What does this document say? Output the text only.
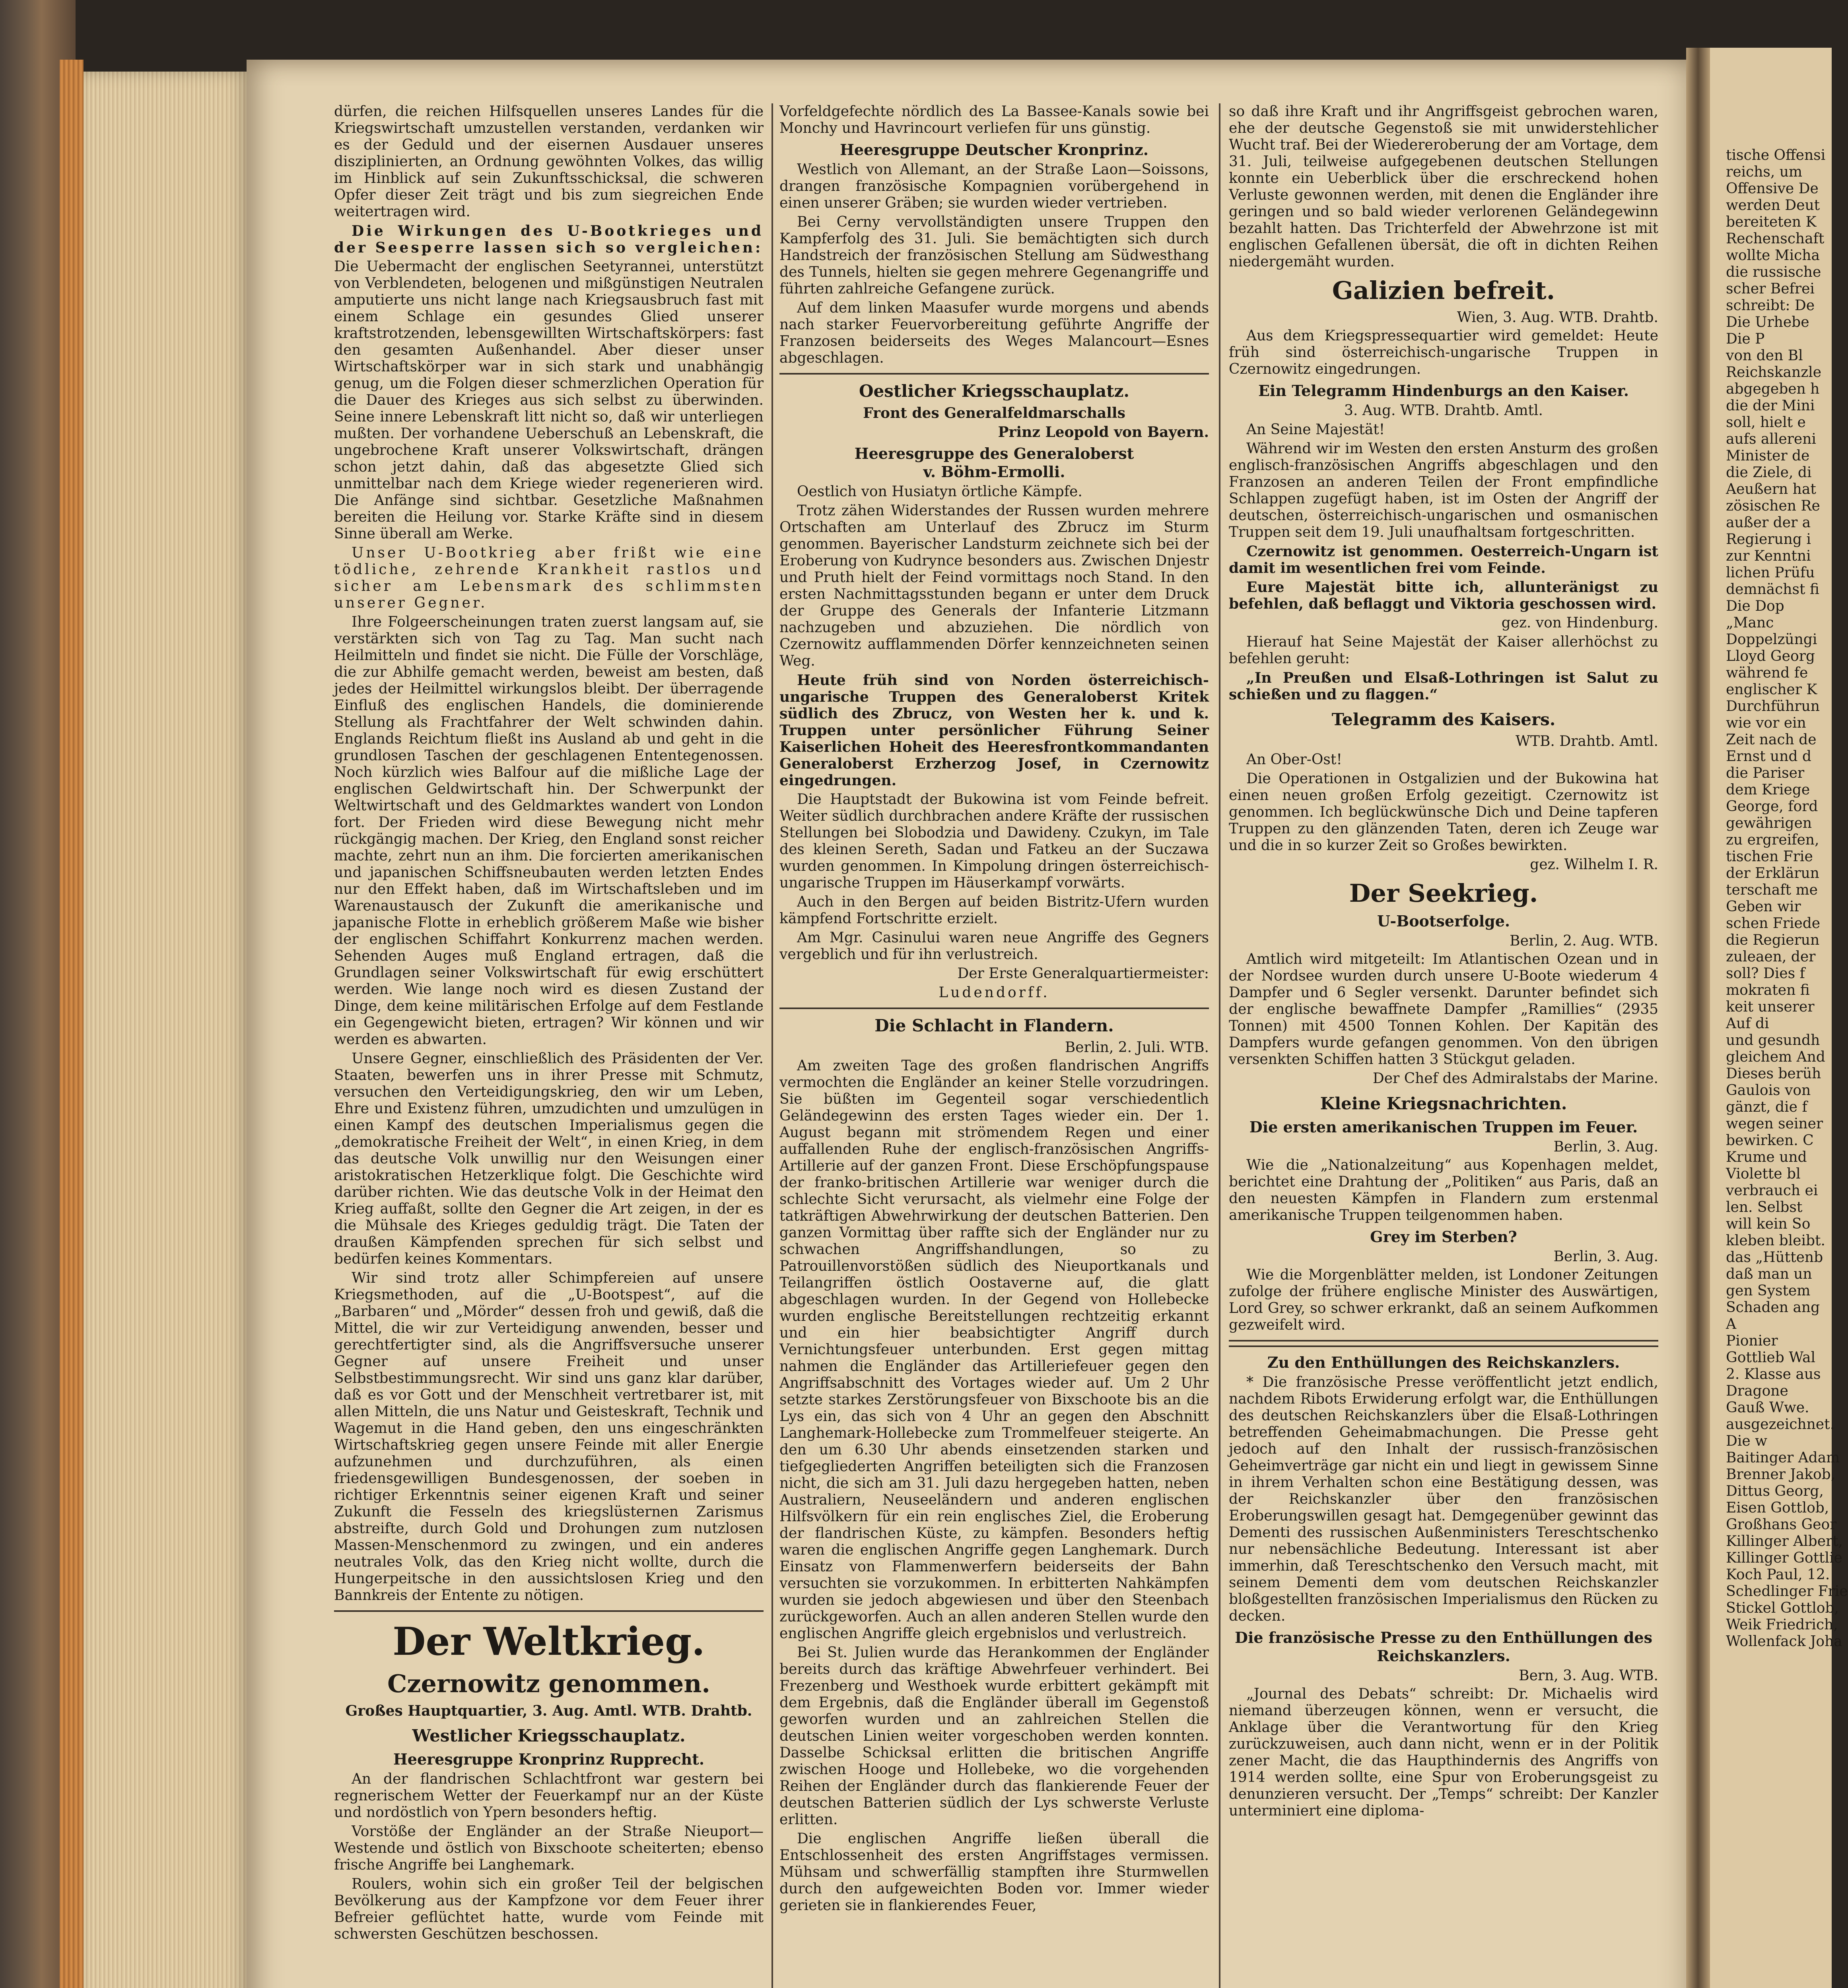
tische Offensi
reichs, um
Offensive De
werden Deut
bereiteten K
Rechenschaft
wollte Micha
die russische
scher Befrei
schreibt: De
Die Urhebe
Die P
von den Bl
Reichskanzle
abgegeben h
die der Mini
soll, hielt e
aufs allereni
Minister de
die Ziele, di
Aeußern hat
zösischen Re
außer der a
Regierung i
zur Kenntni
lichen Prüfu
demnächst fi
Die Dop
„Manc
Doppelzüngi
Lloyd Georg
während fe
englischer K
Durchführun
wie vor ein
Zeit nach de
Ernst und d
die Pariser
dem Kriege
George, ford
gewährigen
zu ergreifen,
tischen Frie
der Erklärun
terschaft me
Geben wir
schen Friede
die Regierun
zuleaen, der
soll? Dies f
mokraten fi
keit unserer
Auf di
und gesundh
gleichem And
Dieses berüh
Gaulois von
gänzt, die f
wegen seiner
bewirken. C
Krume und
Violette bl
verbrauch ei
len. Selbst
will kein So
kleben bleibt.
das „Hüttenb
daß man un
gen System
Schaden ang
A
Pionier
Gottlieb Wal
2. Klasse aus
Dragone
Gauß Wwe.
ausgezeichnet.
Die w
Baitinger Adam
Brenner Jakob,
Dittus Georg,
Eisen Gottlob,
Großhans Geor
Killinger Albert,
Killinger Gottlie
Koch Paul, 12.
Schedlinger Frie
Stickel Gottlob,
Weik Friedrich,
Wollenfack Joha

dürfen, die reichen Hilfsquellen unseres Landes für die Kriegswirtschaft umzustellen verstanden, verdanken wir es der Geduld und der eisernen Ausdauer unseres disziplinierten, an Ordnung gewöhnten Volkes, das willig im Hinblick auf sein Zukunftsschicksal, die schweren Opfer dieser Zeit trägt und bis zum siegreichen Ende weitertragen wird.

Die Wirkungen des U-Bootkrieges und der Seesperre lassen sich so vergleichen:

Die Uebermacht der englischen Seetyrannei, unterstützt von Verblendeten, belogenen und mißgünstigen Neutralen amputierte uns nicht lange nach Kriegsausbruch fast mit einem Schlage ein gesundes Glied unserer kraftstrotzenden, lebensgewillten Wirtschaftskörpers: fast den gesamten Außenhandel. Aber dieser unser Wirtschaftskörper war in sich stark und unabhängig genug, um die Folgen dieser schmerzlichen Operation für die Dauer des Krieges aus sich selbst zu überwinden. Seine innere Lebenskraft litt nicht so, daß wir unterliegen mußten. Der vorhandene Ueberschuß an Lebenskraft, die ungebrochene Kraft unserer Volkswirtschaft, drängen schon jetzt dahin, daß das abgesetzte Glied sich unmittelbar nach dem Kriege wieder regenerieren wird. Die Anfänge sind sichtbar. Gesetzliche Maßnahmen bereiten die Heilung vor. Starke Kräfte sind in diesem Sinne überall am Werke.

Unser U-Bootkrieg aber frißt wie eine tödliche, zehrende Krankheit rastlos und sicher am Lebensmark des schlimmsten unserer Gegner.

Ihre Folgeerscheinungen traten zuerst langsam auf, sie verstärkten sich von Tag zu Tag. Man sucht nach Heilmitteln und findet sie nicht. Die Fülle der Vorschläge, die zur Abhilfe gemacht werden, beweist am besten, daß jedes der Heilmittel wirkungslos bleibt. Der überragende Einfluß des englischen Handels, die dominierende Stellung als Frachtfahrer der Welt schwinden dahin. Englands Reichtum fließt ins Ausland ab und geht in die grundlosen Taschen der geschlagenen Ententegenossen. Noch kürzlich wies Balfour auf die mißliche Lage der englischen Geldwirtschaft hin. Der Schwerpunkt der Weltwirtschaft und des Geldmarktes wandert von London fort. Der Frieden wird diese Bewegung nicht mehr rückgängig machen. Der Krieg, den England sonst reicher machte, zehrt nun an ihm. Die forcierten amerikanischen und japanischen Schiffsneubauten werden letzten Endes nur den Effekt haben, daß im Wirtschaftsleben und im Warenaustausch der Zukunft die amerikanische und japanische Flotte in erheblich größerem Maße wie bisher der englischen Schiffahrt Konkurrenz machen werden. Sehenden Auges muß England ertragen, daß die Grundlagen seiner Volkswirtschaft für ewig erschüttert werden. Wie lange noch wird es diesen Zustand der Dinge, dem keine militärischen Erfolge auf dem Festlande ein Gegengewicht bieten, ertragen? Wir können und wir werden es abwarten.

Unsere Gegner, einschließlich des Präsidenten der Ver. Staaten, bewerfen uns in ihrer Presse mit Schmutz, versuchen den Verteidigungskrieg, den wir um Leben, Ehre und Existenz führen, umzudichten und umzulügen in einen Kampf des deutschen Imperialismus gegen die „demokratische Freiheit der Welt“, in einen Krieg, in dem das deutsche Volk unwillig nur den Weisungen einer aristokratischen Hetzerklique folgt. Die Geschichte wird darüber richten. Wie das deutsche Volk in der Heimat den Krieg auffaßt, sollte den Gegner die Art zeigen, in der es die Mühsale des Krieges geduldig trägt. Die Taten der draußen Kämpfenden sprechen für sich selbst und bedürfen keines Kommentars.

Wir sind trotz aller Schimpfereien auf unsere Kriegsmethoden, auf die „U-Bootspest“, auf die „Barbaren“ und „Mörder“ dessen froh und gewiß, daß die Mittel, die wir zur Verteidigung anwenden, besser und gerechtfertigter sind, als die Angriffsversuche unserer Gegner auf unsere Freiheit und unser Selbstbestimmungsrecht. Wir sind uns ganz klar darüber, daß es vor Gott und der Menschheit vertretbarer ist, mit allen Mitteln, die uns Natur und Geisteskraft, Technik und Wagemut in die Hand geben, den uns eingeschränkten Wirtschaftskrieg gegen unsere Feinde mit aller Energie aufzunehmen und durchzuführen, als einen friedensgewilligen Bundesgenossen, der soeben in richtiger Erkenntnis seiner eigenen Kraft und seiner Zukunft die Fesseln des kriegslüsternen Zarismus abstreifte, durch Gold und Drohungen zum nutzlosen Massen-Menschenmord zu zwingen, und ein anderes neutrales Volk, das den Krieg nicht wollte, durch die Hungerpeitsche in den aussichtslosen Krieg und den Bannkreis der Entente zu nötigen.

Der Weltkrieg.
Czernowitz genommen.

Großes Hauptquartier, 3. Aug. Amtl. WTB. Drahtb.

Westlicher Kriegsschauplatz.
Heeresgruppe Kronprinz Rupprecht.

An der flandrischen Schlachtfront war gestern bei regnerischem Wetter der Feuerkampf nur an der Küste und nordöstlich von Ypern besonders heftig.

Vorstöße der Engländer an der Straße Nieuport—Westende und östlich von Bixschoote scheiterten; ebenso frische Angriffe bei Langhemark.

Roulers, wohin sich ein großer Teil der belgischen Bevölkerung aus der Kampfzone vor dem Feuer ihrer Befreier geflüchtet hatte, wurde vom Feinde mit schwersten Geschützen beschossen.

Vorfeldgefechte nördlich des La Bassee-Kanals sowie bei Monchy und Havrincourt verliefen für uns günstig.

Heeresgruppe Deutscher Kronprinz.

Westlich von Allemant, an der Straße Laon—Soissons, drangen französische Kompagnien vorübergehend in einen unserer Gräben; sie wurden wieder vertrieben.

Bei Cerny vervollständigten unsere Truppen den Kampferfolg des 31. Juli. Sie bemächtigten sich durch Handstreich der französischen Stellung am Südwesthang des Tunnels, hielten sie gegen mehrere Gegenangriffe und führten zahlreiche Gefangene zurück.

Auf dem linken Maasufer wurde morgens und abends nach starker Feuervorbereitung geführte Angriffe der Franzosen beiderseits des Weges Malancourt—Esnes abgeschlagen.

Oestlicher Kriegsschauplatz.

Front des Generalfeldmarschalls

Prinz Leopold von Bayern.

Heeresgruppe des Generaloberst
v. Böhm-Ermolli.

Oestlich von Husiatyn örtliche Kämpfe.

Trotz zähen Widerstandes der Russen wurden mehrere Ortschaften am Unterlauf des Zbrucz im Sturm genommen. Bayerischer Landsturm zeichnete sich bei der Eroberung von Kudrynce besonders aus. Zwischen Dnjestr und Pruth hielt der Feind vormittags noch Stand. In den ersten Nachmittagsstunden begann er unter dem Druck der Gruppe des Generals der Infanterie Litzmann nachzugeben und abzuziehen. Die nördlich von Czernowitz aufflammenden Dörfer kennzeichneten seinen Weg.

Heute früh sind von Norden österreichisch-ungarische Truppen des Generaloberst Kritek südlich des Zbrucz, von Westen her k. und k. Truppen unter persönlicher Führung Seiner Kaiserlichen Hoheit des Heeresfrontkommandanten Generaloberst Erzherzog Josef, in Czernowitz eingedrungen.

Die Hauptstadt der Bukowina ist vom Feinde befreit. Weiter südlich durchbrachen andere Kräfte der russischen Stellungen bei Slobodzia und Dawideny. Czukyn, im Tale des kleinen Sereth, Sadan und Fatkeu an der Suczawa wurden genommen. In Kimpolung dringen österreichisch-ungarische Truppen im Häuserkampf vorwärts.

Auch in den Bergen auf beiden Bistritz-Ufern wurden kämpfend Fortschritte erzielt.

Am Mgr. Casinului waren neue Angriffe des Gegners vergeblich und für ihn verlustreich.

Der Erste Generalquartiermeister:

Ludendorff.

Die Schlacht in Flandern.

Berlin, 2. Juli. WTB.

Am zweiten Tage des großen flandrischen Angriffs vermochten die Engländer an keiner Stelle vorzudringen. Sie büßten im Gegenteil sogar verschiedentlich Geländegewinn des ersten Tages wieder ein. Der 1. August begann mit strömendem Regen und einer auffallenden Ruhe der englisch-französischen Angriffs-Artillerie auf der ganzen Front. Diese Erschöpfungspause der franko-britischen Artillerie war weniger durch die schlechte Sicht verursacht, als vielmehr eine Folge der tatkräftigen Abwehrwirkung der deutschen Batterien. Den ganzen Vormittag über raffte sich der Engländer nur zu schwachen Angriffshandlungen, so zu Patrouillenvorstößen südlich des Nieuportkanals und Teilangriffen östlich Oostaverne auf, die glatt abgeschlagen wurden. In der Gegend von Hollebecke wurden englische Bereitstellungen rechtzeitig erkannt und ein hier beabsichtigter Angriff durch Vernichtungsfeuer unterbunden. Erst gegen mittag nahmen die Engländer das Artilleriefeuer gegen den Angriffsabschnitt des Vortages wieder auf. Um 2 Uhr setzte starkes Zerstörungsfeuer von Bixschoote bis an die Lys ein, das sich von 4 Uhr an gegen den Abschnitt Langhemark-Hollebecke zum Trommelfeuer steigerte. An den um 6.30 Uhr abends einsetzenden starken und tiefgegliederten Angriffen beteiligten sich die Franzosen nicht, die sich am 31. Juli dazu hergegeben hatten, neben Australiern, Neuseeländern und anderen englischen Hilfsvölkern für ein rein englisches Ziel, die Eroberung der flandrischen Küste, zu kämpfen. Besonders heftig waren die englischen Angriffe gegen Langhemark. Durch Einsatz von Flammenwerfern beiderseits der Bahn versuchten sie vorzukommen. In erbitterten Nahkämpfen wurden sie jedoch abgewiesen und über den Steenbach zurückgeworfen. Auch an allen anderen Stellen wurde den englischen Angriffe gleich ergebnislos und verlustreich.

Bei St. Julien wurde das Herankommen der Engländer bereits durch das kräftige Abwehrfeuer verhindert. Bei Frezenberg und Westhoek wurde erbittert gekämpft mit dem Ergebnis, daß die Engländer überall im Gegenstoß geworfen wurden und an zahlreichen Stellen die deutschen Linien weiter vorgeschoben werden konnten. Dasselbe Schicksal erlitten die britischen Angriffe zwischen Hooge und Hollebeke, wo die vorgehenden Reihen der Engländer durch das flankierende Feuer der deutschen Batterien südlich der Lys schwerste Verluste erlitten.

Die englischen Angriffe ließen überall die Entschlossenheit des ersten Angriffstages vermissen. Mühsam und schwerfällig stampften ihre Sturmwellen durch den aufgeweichten Boden vor. Immer wieder gerieten sie in flankierendes Feuer,

so daß ihre Kraft und ihr Angriffsgeist gebrochen waren, ehe der deutsche Gegenstoß sie mit unwiderstehlicher Wucht traf. Bei der Wiedereroberung der am Vortage, dem 31. Juli, teilweise aufgegebenen deutschen Stellungen konnte ein Ueberblick über die erschreckend hohen Verluste gewonnen werden, mit denen die Engländer ihre geringen und so bald wieder verlorenen Geländegewinn bezahlt hatten. Das Trichterfeld der Abwehrzone ist mit englischen Gefallenen übersät, die oft in dichten Reihen niedergemäht wurden.

Galizien befreit.

Wien, 3. Aug. WTB. Drahtb.

Aus dem Kriegspressequartier wird gemeldet: Heute früh sind österreichisch-ungarische Truppen in Czernowitz eingedrungen.

Ein Telegramm Hindenburgs an den Kaiser.

3. Aug. WTB. Drahtb. Amtl.

An Seine Majestät!

Während wir im Westen den ersten Ansturm des großen englisch-französischen Angriffs abgeschlagen und den Franzosen an anderen Teilen der Front empfindliche Schlappen zugefügt haben, ist im Osten der Angriff der deutschen, österreichisch-ungarischen und osmanischen Truppen seit dem 19. Juli unaufhaltsam fortgeschritten.

Czernowitz ist genommen. Oesterreich-Ungarn ist damit im wesentlichen frei vom Feinde.

Eure Majestät bitte ich, allunteränigst zu befehlen, daß beflaggt und Viktoria geschossen wird.

gez. von Hindenburg.

Hierauf hat Seine Majestät der Kaiser allerhöchst zu befehlen geruht:

„In Preußen und Elsaß-Lothringen ist Salut zu schießen und zu flaggen.“

Telegramm des Kaisers.

WTB. Drahtb. Amtl.

An Ober-Ost!

Die Operationen in Ostgalizien und der Bukowina hat einen neuen großen Erfolg gezeitigt. Czernowitz ist genommen. Ich beglückwünsche Dich und Deine tapferen Truppen zu den glänzenden Taten, deren ich Zeuge war und die in so kurzer Zeit so Großes bewirkten.

gez. Wilhelm I. R.

Der Seekrieg.
U-Bootserfolge.

Berlin, 2. Aug. WTB.

Amtlich wird mitgeteilt: Im Atlantischen Ozean und in der Nordsee wurden durch unsere U-Boote wiederum 4 Dampfer und 6 Segler versenkt. Darunter befindet sich der englische bewaffnete Dampfer „Ramillies“ (2935 Tonnen) mit 4500 Tonnen Kohlen. Der Kapitän des Dampfers wurde gefangen genommen. Von den übrigen versenkten Schiffen hatten 3 Stückgut geladen.

Der Chef des Admiralstabs der Marine.

Kleine Kriegsnachrichten.
Die ersten amerikanischen Truppen im Feuer.

Berlin, 3. Aug.

Wie die „Nationalzeitung“ aus Kopenhagen meldet, berichtet eine Drahtung der „Politiken“ aus Paris, daß an den neuesten Kämpfen in Flandern zum erstenmal amerikanische Truppen teilgenommen haben.

Grey im Sterben?

Berlin, 3. Aug.

Wie die Morgenblätter melden, ist Londoner Zeitungen zufolge der frühere englische Minister des Auswärtigen, Lord Grey, so schwer erkrankt, daß an seinem Aufkommen gezweifelt wird.

Zu den Enthüllungen des Reichskanzlers.

* Die französische Presse veröffentlicht jetzt endlich, nachdem Ribots Erwiderung erfolgt war, die Enthüllungen des deutschen Reichskanzlers über die Elsaß-Lothringen betreffenden Geheimabmachungen. Die Presse geht jedoch auf den Inhalt der russisch-französischen Geheimverträge gar nicht ein und liegt in gewissem Sinne in ihrem Verhalten schon eine Bestätigung dessen, was der Reichskanzler über den französischen Eroberungswillen gesagt hat. Demgegenüber gewinnt das Dementi des russischen Außenministers Tereschtschenko nur nebensächliche Bedeutung. Interessant ist aber immerhin, daß Tereschtschenko den Versuch macht, mit seinem Dementi dem vom deutschen Reichskanzler bloßgestellten französischen Imperialismus den Rücken zu decken.

Die französische Presse zu den Enthüllungen des Reichskanzlers.

Bern, 3. Aug. WTB.

„Journal des Debats“ schreibt: Dr. Michaelis wird niemand überzeugen können, wenn er versucht, die Anklage über die Verantwortung für den Krieg zurückzuweisen, auch dann nicht, wenn er in der Politik zener Macht, die das Haupthindernis des Angriffs von 1914 werden sollte, eine Spur von Eroberungsgeist zu denunzieren versucht. Der „Temps“ schreibt: Der Kanzler unterminiert eine diploma-
